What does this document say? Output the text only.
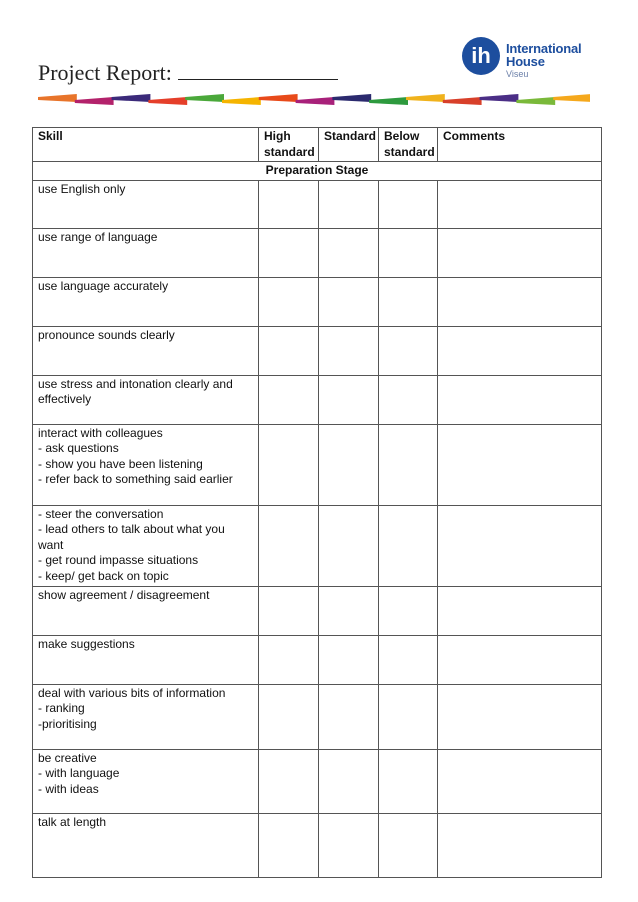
Project Report:
ih	International
House
Viseu
Skill	High standard	Standard	Below standard	Comments
Preparation Stage				

use English only				

use range of language				

use language accurately				

pronounce sounds clearly				

use stress and intonation clearly and effectively				

interact with colleagues
- ask questions
- show you have been listening
- refer back to something said earlier				

- steer the conversation
- lead others to talk about what you want
- get round impasse situations
- keep/ get back on topic				

show agreement / disagreement				

make suggestions				

deal with various bits of information
- ranking
-prioritising				

be creative
- with language
- with ideas				

talk at length				
